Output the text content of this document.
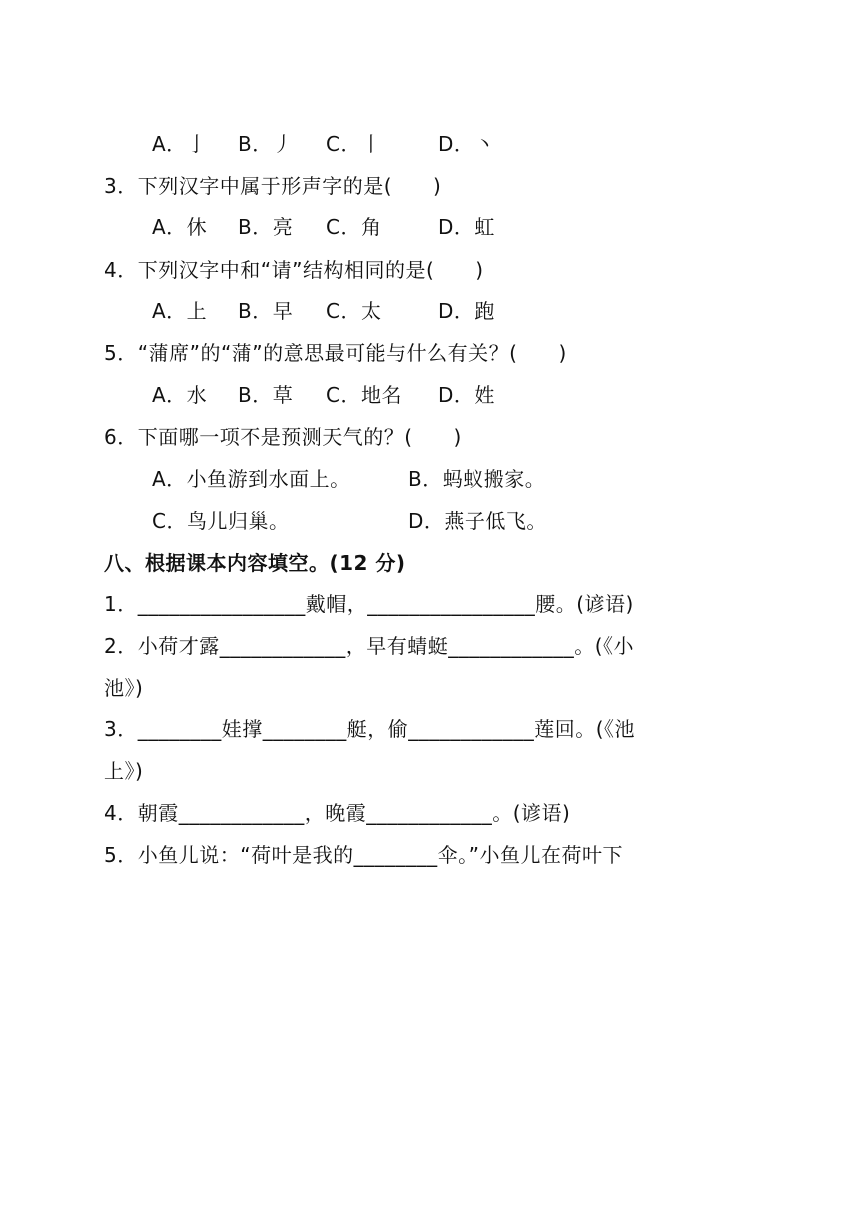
A．亅 B．丿 C．丨	D．丶
3．下列汉字中属于形声字的是(　　)
A．休 B．亮 C．角	D．虹
4．下列汉字中和“请”结构相同的是(　　)
A．上 B．早 C．太	D．跑
5．“蒲席”的“蒲”的意思最可能与什么有关？(　　)
A．水 B．草 C．地名 D．姓
6．下面哪一项不是预测天气的？(　　)
A．小鱼游到水面上。	B．蚂蚁搬家。
C．鸟儿归巢。	D．燕子低飞。
八、根据课本内容填空。(12 分)
1．________________戴帽，________________腰。(谚语)
2．小荷才露____________，早有蜻蜓____________。(《小
池》)
3．________娃撑________艇，偷____________莲回。(《池
上》)
4．朝霞____________，晚霞____________。(谚语)
5．小鱼儿说：“荷叶是我的________伞。”小鱼儿在荷叶下
